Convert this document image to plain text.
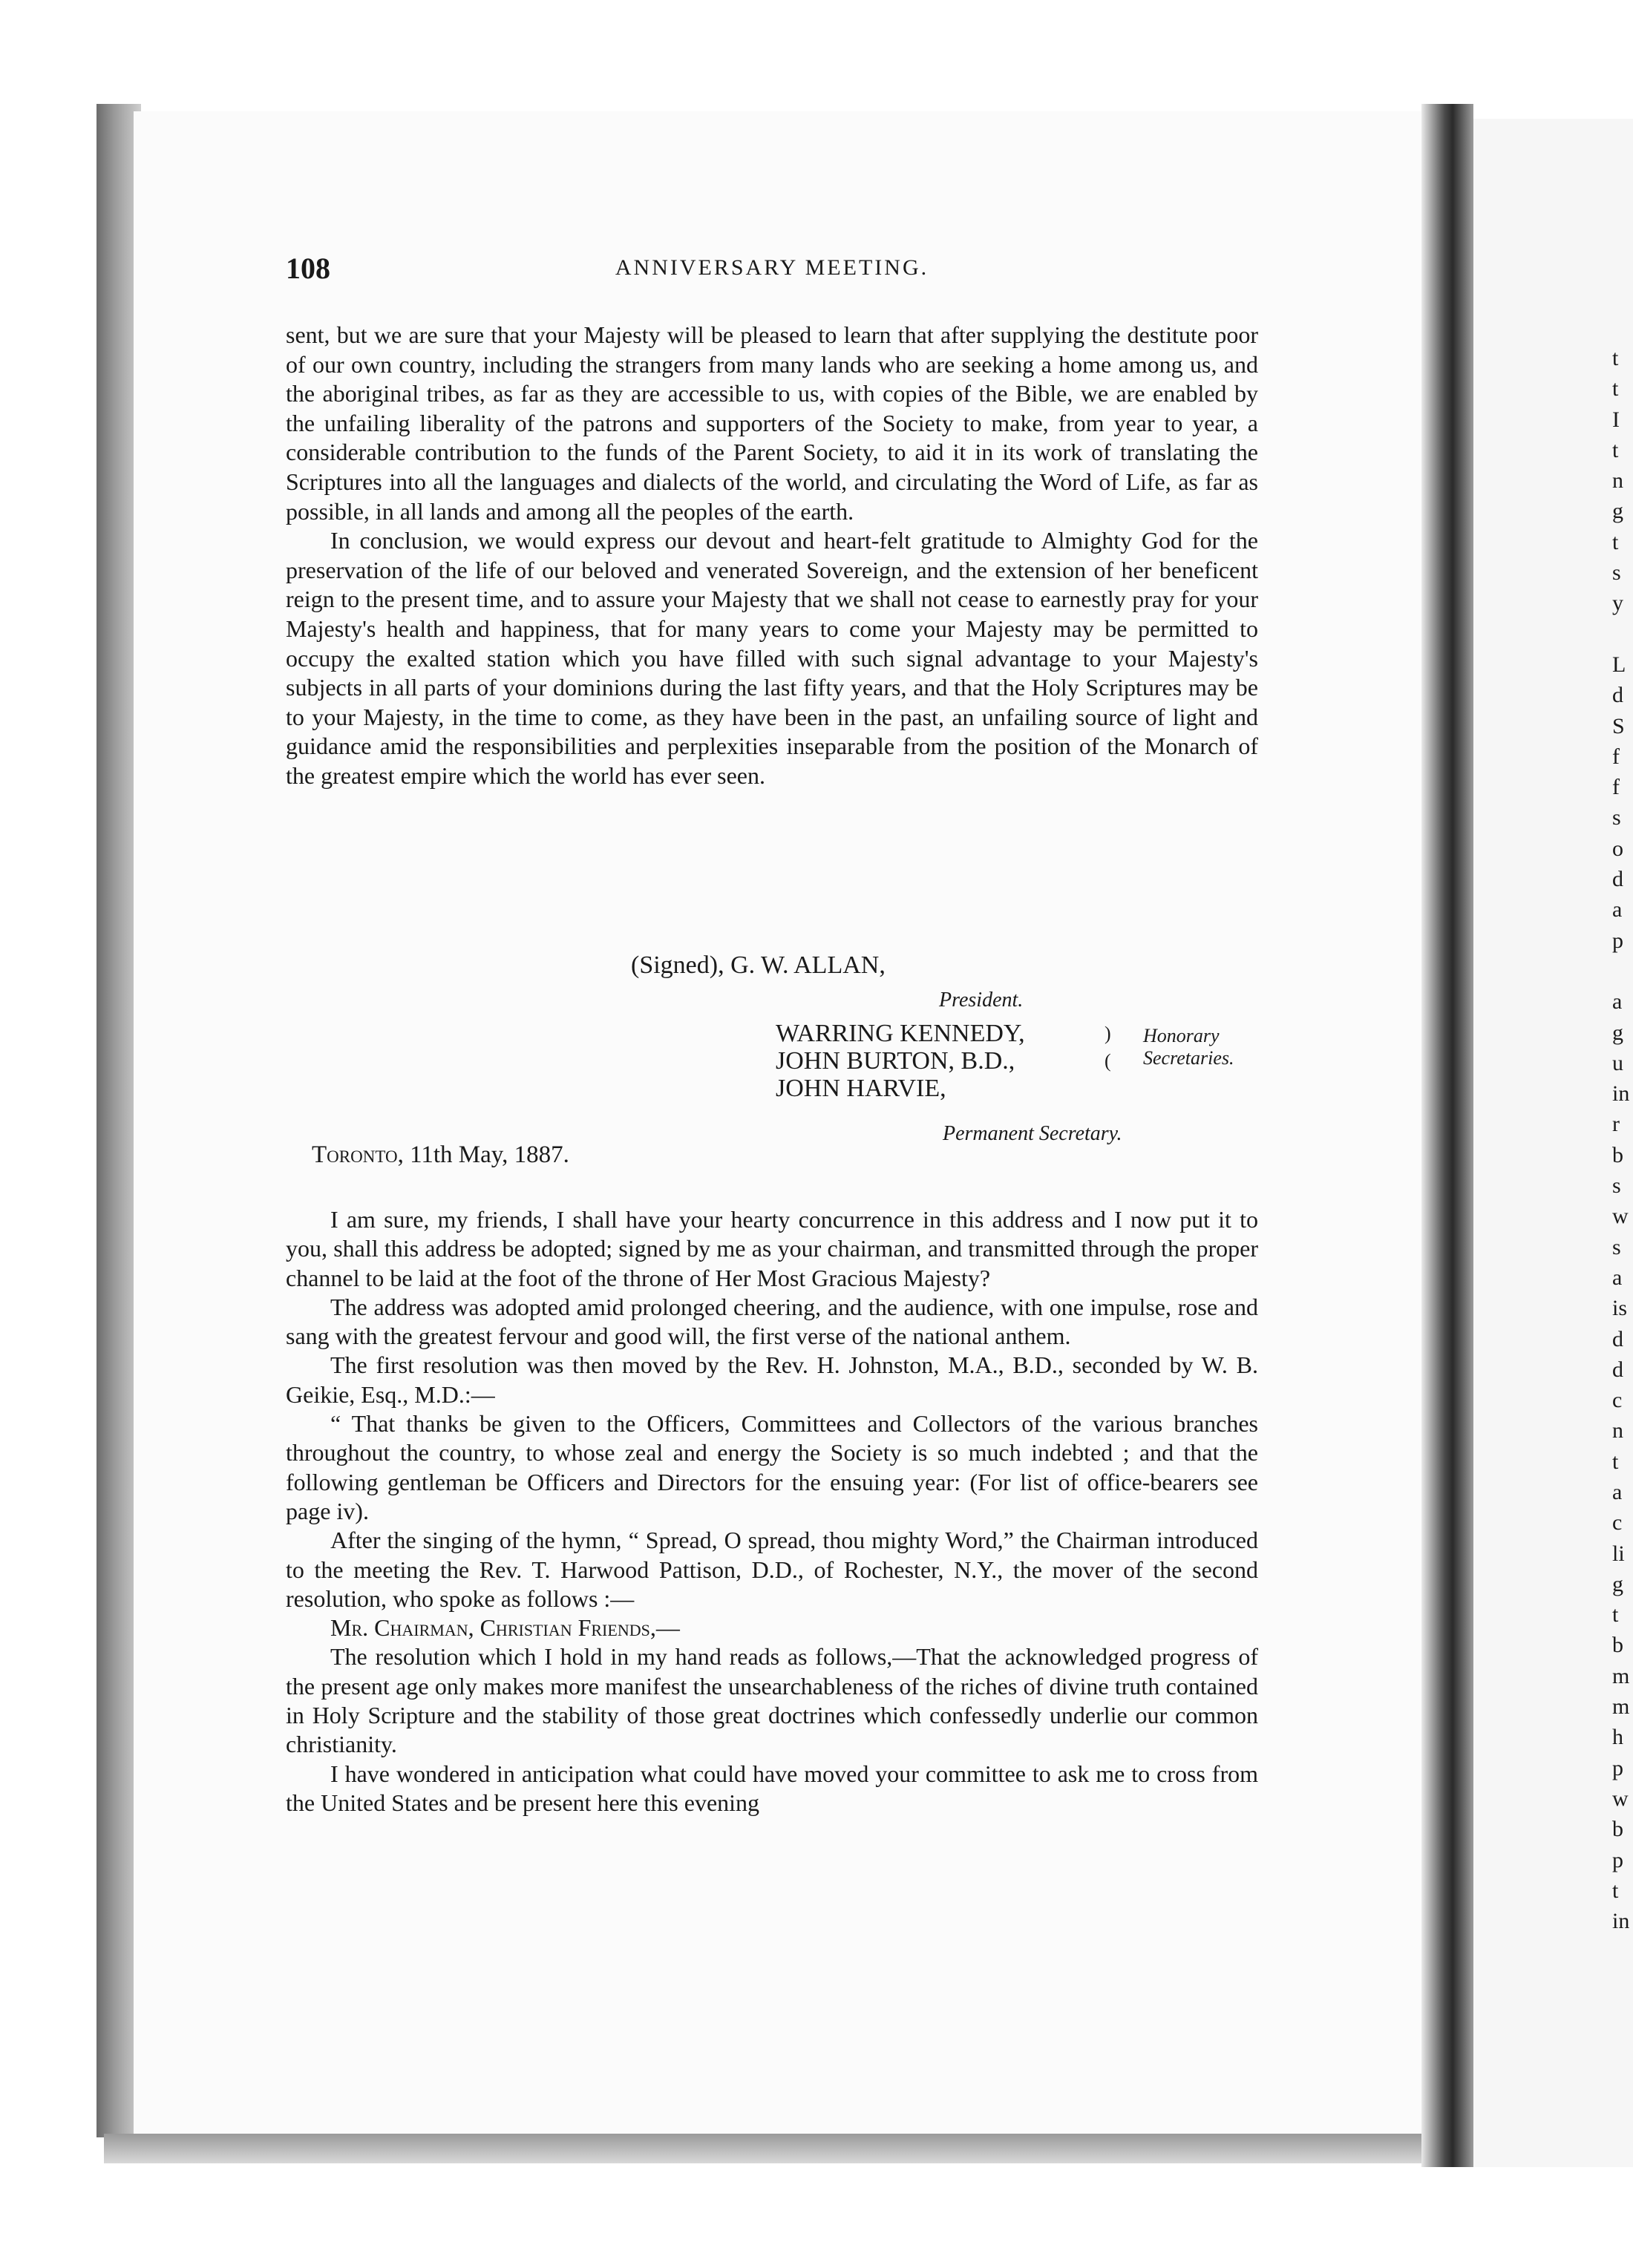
108	ANNIVERSARY MEETING.

sent, but we are sure that your Majesty will be pleased to learn that after supplying the destitute poor of our own country, including the strangers from many lands who are seeking a home among us, and the aboriginal tribes, as far as they are accessible to us, with copies of the Bible, we are enabled by the unfailing liberality of the patrons and supporters of the Society to make, from year to year, a considerable contribution to the funds of the Parent Society, to aid it in its work of translating the Scriptures into all the languages and dialects of the world, and circulating the Word of Life, as far as possible, in all lands and among all the peoples of the earth.

In conclusion, we would express our devout and heart-felt gratitude to Almighty God for the preservation of the life of our beloved and venerated Sovereign, and the extension of her beneficent reign to the present time, and to assure your Majesty that we shall not cease to earnestly pray for your Majesty's health and happiness, that for many years to come your Majesty may be permitted to occupy the exalted station which you have filled with such signal advantage to your Majesty's subjects in all parts of your dominions during the last fifty years, and that the Holy Scriptures may be to your Majesty, in the time to come, as they have been in the past, an unfailing source of light and guidance amid the responsibilities and perplexities inseparable from the position of the Monarch of the greatest empire which the world has ever seen.

(Signed), G. W. ALLAN,
President.
WARRING KENNEDY,
JOHN BURTON, B.D.,
JOHN HARVIE,
)
(
Honorary
Secretaries.
Permanent Secretary.
Toronto, 11th May, 1887.

I am sure, my friends, I shall have your hearty concurrence in this address and I now put it to you, shall this address be adopted; signed by me as your chairman, and transmitted through the proper channel to be laid at the foot of the throne of Her Most Gracious Majesty?

The address was adopted amid prolonged cheering, and the audience, with one impulse, rose and sang with the greatest fervour and good will, the first verse of the national anthem.

The first resolution was then moved by the Rev. H. Johnston, M.A., B.D., seconded by W. B. Geikie, Esq., M.D.:—

“ That thanks be given to the Officers, Committees and Collectors of the various branches throughout the country, to whose zeal and energy the Society is so much indebted ; and that the following gentleman be Officers and Directors for the ensuing year: (For list of office-bearers see page iv).

After the singing of the hymn, “ Spread, O spread, thou mighty Word,” the Chairman introduced to the meeting the Rev. T. Harwood Pattison, D.D., of Rochester, N.Y., the mover of the second resolution, who spoke as follows :—

Mr. Chairman, Christian Friends,—

The resolution which I hold in my hand reads as follows,—That the acknowledged progress of the present age only makes more manifest the unsearchableness of the riches of divine truth contained in Holy Scripture and the stability of those great doctrines which confessedly underlie our common christianity.

I have wondered in anticipation what could have moved your committee to ask me to cross from the United States and be present here this evening

t
t
I
t
n
g
t
s
y
L
d
S
f
f
s
o
d
a
p
a
g
u
in
r
b
s
w
s
a
is
d
d
c
n
t
a
c
li
g
t
b
m
m
h
p
w
b
p
t
in
